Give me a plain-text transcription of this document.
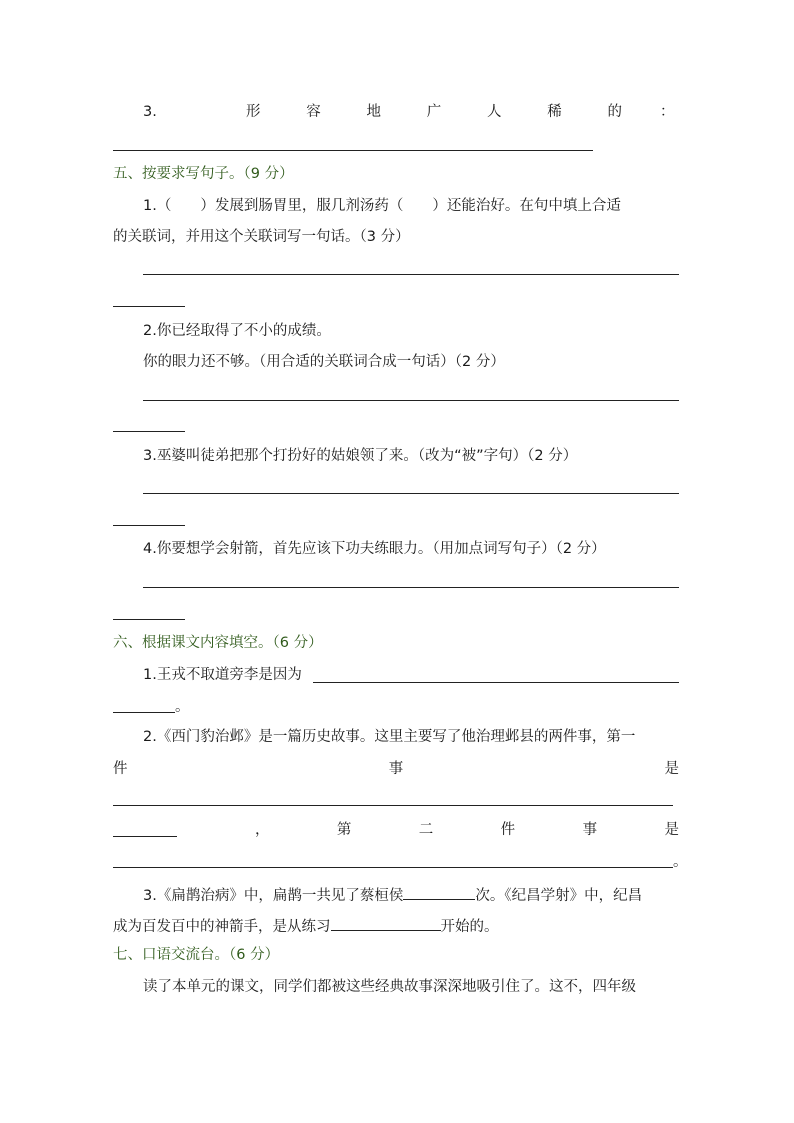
3.	形	容	地	广	人	稀	的	：
五、按要求写句子。（9 分）
1.（　　）发展到肠胃里，服几剂汤药（　　）还能治好。在句中填上合适
的关联词，并用这个关联词写一句话。（3 分）
2.你已经取得了不小的成绩。
你的眼力还不够。（用合适的关联词合成一句话）（2 分）
3.巫婆叫徒弟把那个打扮好的姑娘领了来。（改为“被”字句）（2 分）
4.你要想学会射箭，首先应该下功夫练眼力。（用加点词写句子）（2 分）
六、根据课文内容填空。（6 分）
1.王戎不取道旁李是因为
。
2.《西门豹治邺》是一篇历史故事。这里主要写了他治理邺县的两件事，第一
件	事	是
，	第	二	件	事	是
。
3.《扁鹊治病》中，扁鹊一共见了蔡桓侯	次。《纪昌学射》中，纪昌
成为百发百中的神箭手，是从练习	开始的。
七、口语交流台。（6 分）
读了本单元的课文，同学们都被这些经典故事深深地吸引住了。这不，四年级
